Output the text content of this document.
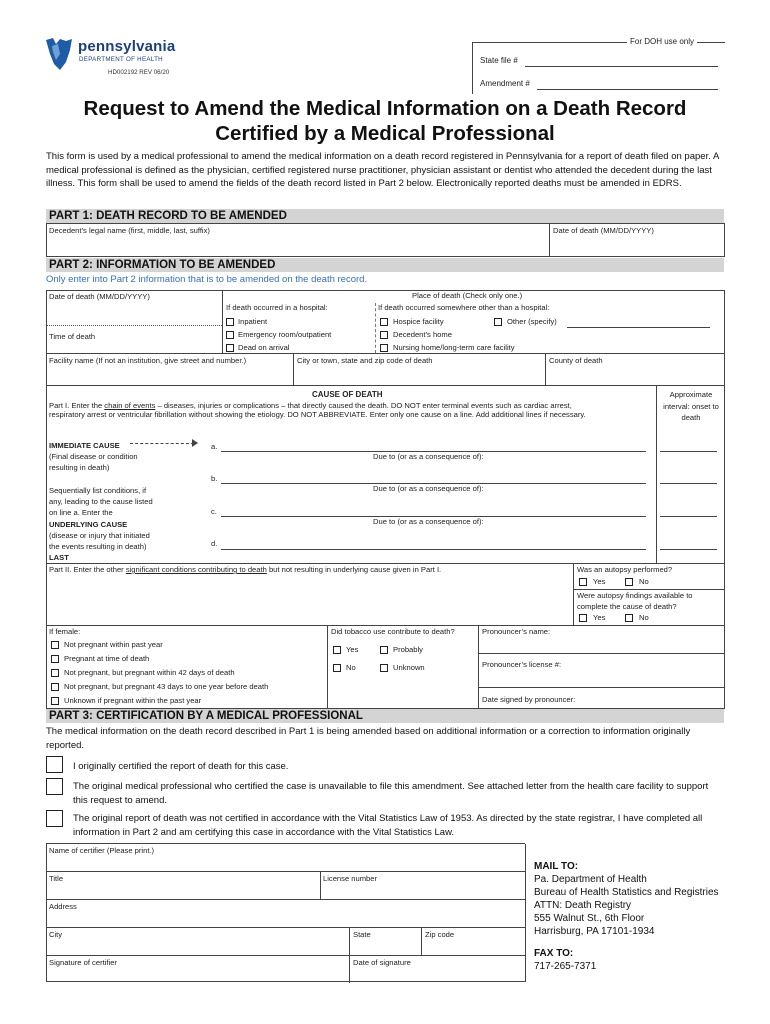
pennsylvania
DEPARTMENT OF HEALTH
HD002192 REV 06/20
For DOH use only
State file #
Amendment #
Request to Amend the Medical Information on a Death Record
Certified by a Medical Professional
This form is used by a medical professional to amend the medical information on a death record registered in Pennsylvania for a report of death filed on paper. A medical professional is defined as the physician, certified registered nurse practitioner, physician assistant or dentist who attended the decedent during the last illness. This form shall be used to amend the fields of the death record listed in Part 2 below. Electronically reported deaths must be amended in EDRS.
PART 1: DEATH RECORD TO BE AMENDED
Decedent’s legal name (first, middle, last, suffix)	Date of death (MM/DD/YYYY)
PART 2: INFORMATION TO BE AMENDED
Only enter into Part 2 information that is to be amended on the death record.
Date of death (MM/DD/YYYY)
Time of death
Place of death (Check only one.)
If death occurred in a hospital:
Inpatient
Emergency room/outpatient
Dead on arrival
If death occurred somewhere other than a hospital:
Hospice facility
Decedent’s home
Nursing home/long-term care facility
Other (specify)
Facility name (If not an institution, give street and number.)	City or town, state and zip code of death	County of death
CAUSE OF DEATH
Part I. Enter the chain of events – diseases, injuries or complications – that directly caused the death. DO NOT enter terminal events such as cardiac arrest,
respiratory arrest or ventricular fibrillation without showing the etiology. DO NOT ABBREVIATE. Enter only one cause on a line. Add additional lines if necessary.
Approximate interval: onset to death
IMMEDIATE CAUSE
(Final disease or condition resulting in death)
Sequentially list conditions, if any, leading to the cause listed on line a. Enter the UNDERLYING CAUSE
(disease or injury that initiated the events resulting in death) LAST
a.
Due to (or as a consequence of):
b.
Due to (or as a consequence of):
c.
Due to (or as a consequence of):
d.
Part II. Enter the other significant conditions contributing to death but not resulting in underlying cause given in Part I.	Was an autopsy performed?
Yes	No
Were autopsy findings available to complete the cause of death?
Yes	No
If female:
Not pregnant within past year
Pregnant at time of death
Not pregnant, but pregnant within 42 days of death
Not pregnant, but pregnant 43 days to one year before death
Unknown if pregnant within the past year
Did tobacco use contribute to death?
Yes	Probably
No	Unknown
Pronouncer’s name:
Pronouncer’s license #:
Date signed by pronouncer:
PART 3: CERTIFICATION BY A MEDICAL PROFESSIONAL
The medical information on the death record described in Part 1 is being amended based on additional information or a correction to information originally reported.
I originally certified the report of death for this case.
The original medical professional who certified the case is unavailable to file this amendment. See attached letter from the health care facility to support this request to amend.
The original report of death was not certified in accordance with the Vital Statistics Law of 1953. As directed by the state registrar, I have completed all information in Part 2 and am certifying this case in accordance with the Vital Statistics Law.
Name of certifier (Please print.)
Title	License number
Address
City	State	Zip code
Signature of certifier	Date of signature
MAIL TO:
Pa. Department of Health
Bureau of Health Statistics and Registries
ATTN: Death Registry
555 Walnut St., 6th Floor
Harrisburg, PA 17101-1934
FAX TO:
717-265-7371
